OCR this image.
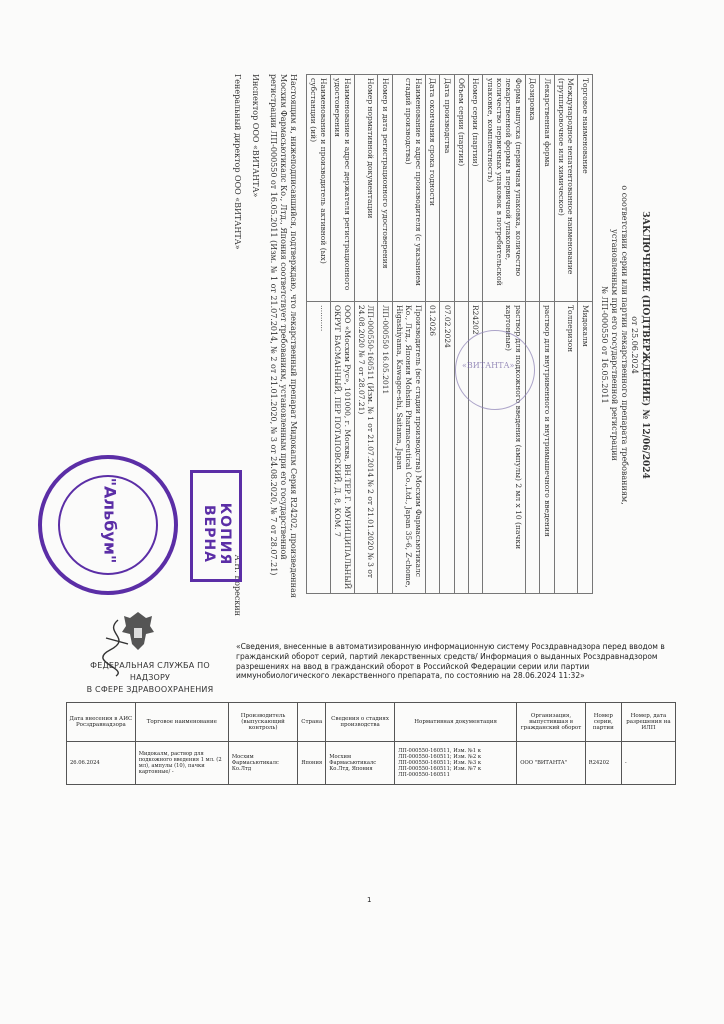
ЗАКЛЮЧЕНИЕ (ПОДТВЕРЖДЕНИЕ) № 12/06/2024
от 25.06.2024
о соответствии серии или партии лекарственного препарата требованиям,
установленным при его государственной регистрации
№ ЛП-000550 от 16.05.2011
Торговое наименование	Мидокалм
Международное непатентованное наименование (группировочное или химическое)	Толперизон
Лекарственная форма	раствор для внутривенного и внутримышечного введения
Дозировка	
Форма выпуска (первичная упаковка, количество лекарственной формы в первичной упаковке, количество первичных упаковок в потребительской упаковке, комплектность)	раствор для подкожного введения (ампулы) 2 мл x 10 (пачки картонные)
Номер серии (партии)	R24202
Объем серии (партии)	
Дата производства	07.02.2024
Дата окончания срока годности	01.2026
Наименование и адрес производителя (с указанием стадий производства)	Производитель (все стадии производства) Мосхим Фармасьютикалс Ко., Лтд., Япония Mohsim Pharmaceutical Co.,Ltd., Japan 35-6, Z-chome, Higashiyama, Kawagoe-shi, Saitama, Japan
Номер и дата регистрационного удостоверения	ЛП-000550 16.05.2011
Номер нормативной документации	ЛП-000550-160511 (Изм. № 1 от 21.07.2014 № 2 от 21.01.2020 № 3 от 24.08.2020 № 7 от 28.07.21)
Наименование и адрес держателя регистрационного удостоверения	ООО «Мосхим Рус», 101000, г. Москва, ВН.ТЕР.Г. МУНИЦИПАЛЬНЫЙ ОКРУГ БАСМАННЫЙ, ПЕР ПОТАПОВСКИЙ, Д. 8, КОМ. 7
Наименование и производитель активной (ых) субстанции (ий)	...........
Настоящим я, нижеподписавшийся, подтверждаю, что лекарственный препарат Мидокалм Серия R24202, произведенная Мосхим Фармасьютикалс Ко., Лтд., Япония соответствует требованиям, установленным при его государственной регистрации ЛП-000550 от 16.05.2011 (Изм. № 1 от 21.07.2014, № 2 от 21.01.2020, № 3 от 24.08.2020, № 7 от 28.07.21)
Инспектор ООО «ВИТАНТА»
Генеральный директор ООО «ВИТАНТА»
А.Н. Ворескин
«ВИТАНТА»
"Альбум"	КОПИЯ ВЕРНА
ФЕДЕРАЛЬНАЯ СЛУЖБА ПО НАДЗОРУ
В СФЕРЕ ЗДРАВООХРАНЕНИЯ
«Сведения, внесенные в автоматизированную информационную систему Росздравнадзора перед вводом в гражданский оборот серий, партий лекарственных средств/ Информация о выданных Росздравнадзором разрешениях на ввод в гражданский оборот в Российской Федерации серии или партии иммунобиологического лекарственного препарата, по состоянию на 28.06.2024 11:32»
Дата внесения в АИС Росздравнадзора	Торговое наименование	Производитель (выпускающий контроль)	Страна	Сведения о стадиях производства	Нормативная документация	Организация, выпустившая в гражданский оборот	Номер серии, партии	Номер, дата разрешения на ИЛП
26.06.2024	Мидокалм, раствор для подкожного введения 1 мл. (2 мл), ампулы (10), пачки картонные/ -	Мосхим Фармасьютикалс Ко.Лтд	Япония	Мосхим Фармасьютикалс Ко.Лтд, Япония	ЛП-000550-160511, Изм. №1 к ЛП-000550-160511; Изм. №2 к ЛП-000550-160511; Изм. №3 к ЛП-000550-160511; Изм. №7 к ЛП-000550-160511	ООО "ВИТАНТА"	R24202	-
1
